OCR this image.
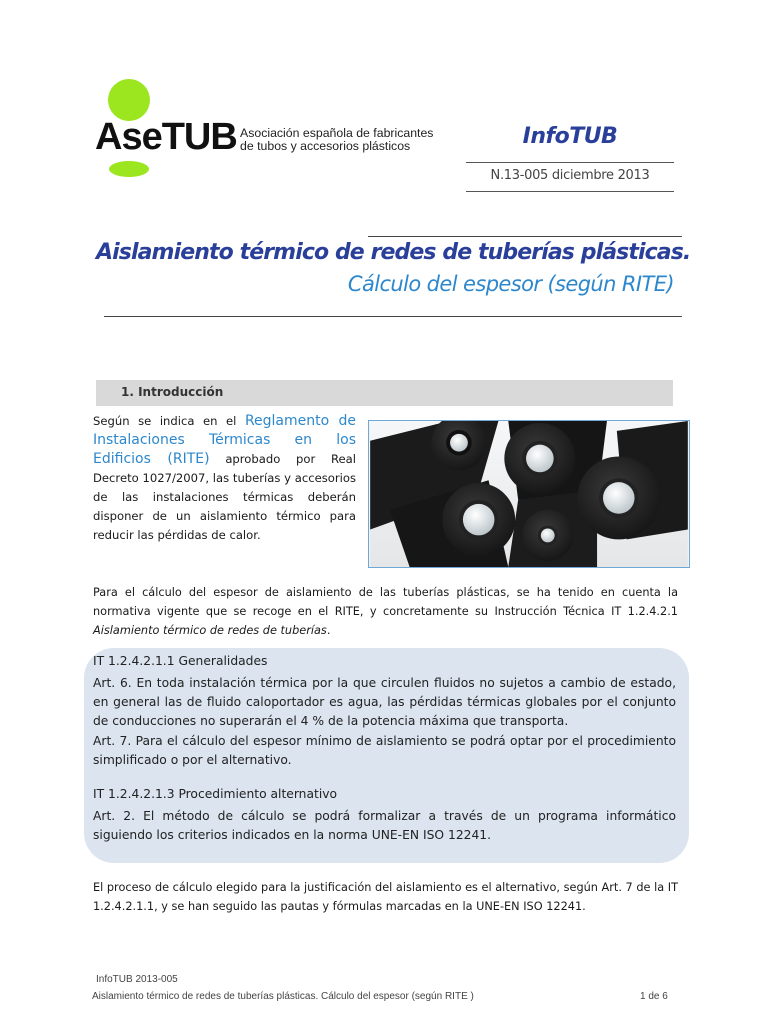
AseTUB Asociación española de fabricantes
de tubos y accesorios plásticos	InfoTUB
N.13-005 diciembre 2013
Aislamiento térmico de redes de tuberías plásticas.
Cálculo del espesor (según RITE)
1. Introducción
Según se indica en el Reglamento de Instalaciones Térmicas en los Edificios (RITE) aprobado por Real Decreto 1027/2007, las tuberías y accesorios de las instalaciones térmicas deberán disponer de un aislamiento térmico para reducir las pérdidas de calor.
Para el cálculo del espesor de aislamiento de las tuberías plásticas, se ha tenido en cuenta la normativa vigente que se recoge en el RITE, y concretamente su Instrucción Técnica IT 1.2.4.2.1 Aislamiento térmico de redes de tuberías.
IT 1.2.4.2.1.1 Generalidades
Art. 6. En toda instalación térmica por la que circulen fluidos no sujetos a cambio de estado, en general las de fluido caloportador es agua, las pérdidas térmicas globales por el conjunto de conducciones no superarán el 4 % de la potencia máxima que transporta.
Art. 7. Para el cálculo del espesor mínimo de aislamiento se podrá optar por el procedimiento simplificado o por el alternativo.
IT 1.2.4.2.1.3 Procedimiento alternativo
Art. 2. El método de cálculo se podrá formalizar a través de un programa informático siguiendo los criterios indicados en la norma UNE-EN ISO 12241.
El proceso de cálculo elegido para la justificación del aislamiento es el alternativo, según Art. 7 de la IT 1.2.4.2.1.1, y se han seguido las pautas y fórmulas marcadas en la UNE-EN ISO 12241.
InfoTUB 2013-005
Aislamiento térmico de redes de tuberías plásticas. Cálculo del espesor (según RITE )	1 de 6
